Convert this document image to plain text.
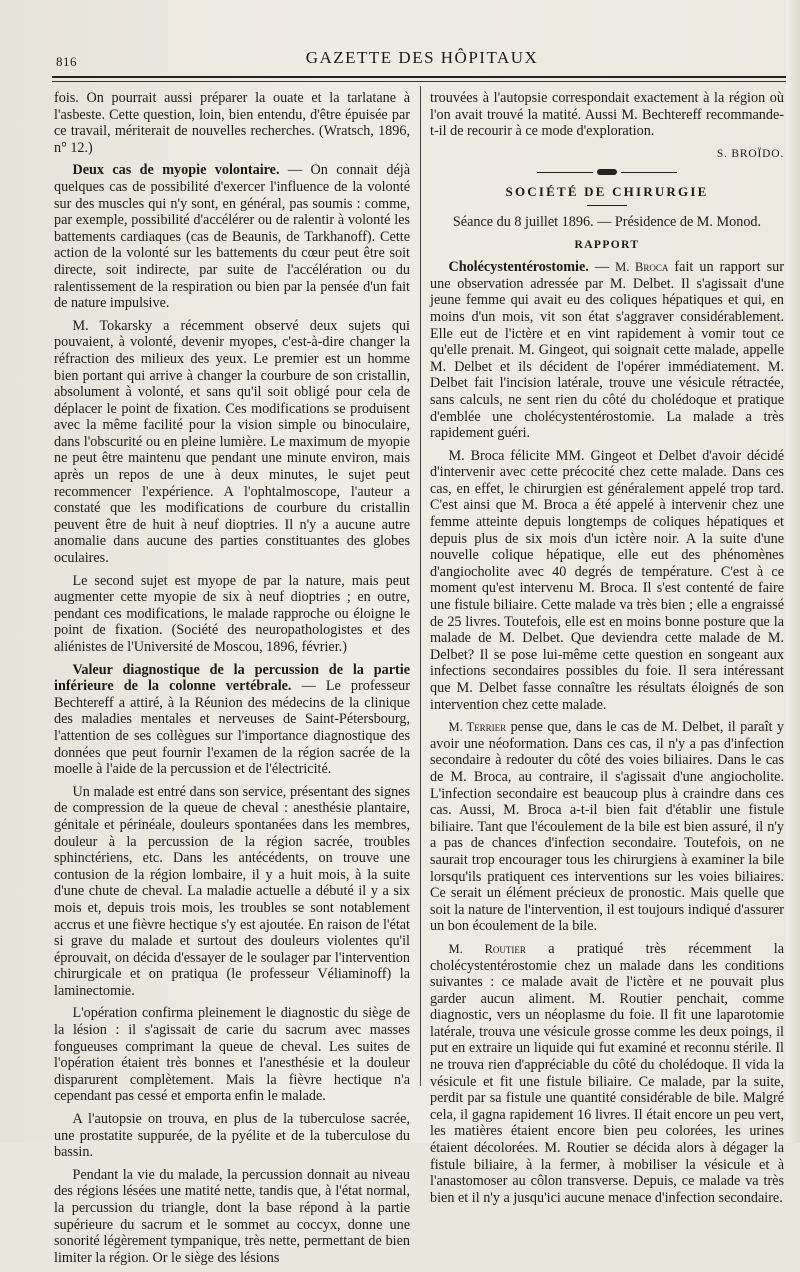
816	GAZETTE DES HÔPITAUX

fois. On pourrait aussi préparer la ouate et la tarlatane à l'asbeste. Cette question, loin, bien entendu, d'être épuisée par ce travail, mériterait de nouvelles recherches. (Wratsch, 1896, n° 12.)

Deux cas de myopie volontaire. — On connait déjà quelques cas de possibilité d'exercer l'influence de la volonté sur des muscles qui n'y sont, en général, pas soumis : comme, par exemple, possibilité d'accélérer ou de ralentir à volonté les battements cardiaques (cas de Beaunis, de Tarkhanoff). Cette action de la volonté sur les battements du cœur peut être soit directe, soit indirecte, par suite de l'accélération ou du ralentissement de la respiration ou bien par la pensée d'un fait de nature impulsive.

M. Tokarsky a récemment observé deux sujets qui pouvaient, à volonté, devenir myopes, c'est-à-dire changer la réfraction des milieux des yeux. Le premier est un homme bien portant qui arrive à changer la courbure de son cristallin, absolument à volonté, et sans qu'il soit obligé pour cela de déplacer le point de fixation. Ces modifications se produisent avec la même facilité pour la vision simple ou binoculaire, dans l'obscurité ou en pleine lumière. Le maximum de myopie ne peut être maintenu que pendant une minute environ, mais après un repos de une à deux minutes, le sujet peut recommencer l'expérience. A l'ophtalmoscope, l'auteur a constaté que les modifications de courbure du cristallin peuvent être de huit à neuf dioptries. Il n'y a aucune autre anomalie dans aucune des parties constituantes des globes oculaires.

Le second sujet est myope de par la nature, mais peut augmenter cette myopie de six à neuf dioptries ; en outre, pendant ces modifications, le malade rapproche ou éloigne le point de fixation. (Société des neuropathologistes et des aliénistes de l'Université de Moscou, 1896, février.)

Valeur diagnostique de la percussion de la partie inférieure de la colonne vertébrale. — Le professeur Bechtereff a attiré, à la Réunion des médecins de la clinique des maladies mentales et nerveuses de Saint-Pétersbourg, l'attention de ses collègues sur l'importance diagnostique des données que peut fournir l'examen de la région sacrée de la moelle à l'aide de la percussion et de l'électricité.

Un malade est entré dans son service, présentant des signes de compression de la queue de cheval : anesthésie plantaire, génitale et périnéale, douleurs spontanées dans les membres, douleur à la percussion de la région sacrée, troubles sphinctériens, etc. Dans les antécédents, on trouve une contusion de la région lombaire, il y a huit mois, à la suite d'une chute de cheval. La maladie actuelle a débuté il y a six mois et, depuis trois mois, les troubles se sont notablement accrus et une fièvre hectique s'y est ajoutée. En raison de l'état si grave du malade et surtout des douleurs violentes qu'il éprouvait, on décida d'essayer de le soulager par l'intervention chirurgicale et on pratiqua (le professeur Véliaminoff) la laminectomie.

L'opération confirma pleinement le diagnostic du siège de la lésion : il s'agissait de carie du sacrum avec masses fongueuses comprimant la queue de cheval. Les suites de l'opération étaient très bonnes et l'anesthésie et la douleur disparurent complètement. Mais la fièvre hectique n'a cependant pas cessé et emporta enfin le malade.

A l'autopsie on trouva, en plus de la tuberculose sacrée, une prostatite suppurée, de la pyélite et de la tuberculose du bassin.

Pendant la vie du malade, la percussion donnait au niveau des régions lésées une matité nette, tandis que, à l'état normal, la percussion du triangle, dont la base répond à la partie supérieure du sacrum et le sommet au coccyx, donne une sonorité légèrement tympanique, très nette, permettant de bien limiter la région. Or le siège des lésions

trouvées à l'autopsie correspondait exactement à la région où l'on avait trouvé la matité. Aussi M. Bechtereff recommande-t-il de recourir à ce mode d'exploration.

S. BROÏDO.
SOCIÉTÉ DE CHIRURGIE
Séance du 8 juillet 1896. — Présidence de M. Monod.
RAPPORT

Cholécystentérostomie. — M. Broca fait un rapport sur une observation adressée par M. Delbet. Il s'agissait d'une jeune femme qui avait eu des coliques hépatiques et qui, en moins d'un mois, vit son état s'aggraver considérablement. Elle eut de l'ictère et en vint rapidement à vomir tout ce qu'elle prenait. M. Gingeot, qui soignait cette malade, appelle M. Delbet et ils décident de l'opérer immédiatement. M. Delbet fait l'incision latérale, trouve une vésicule rétractée, sans calculs, ne sent rien du côté du cholédoque et pratique d'emblée une cholécystentérostomie. La malade a très rapidement guéri.

M. Broca félicite MM. Gingeot et Delbet d'avoir décidé d'intervenir avec cette précocité chez cette malade. Dans ces cas, en effet, le chirurgien est généralement appelé trop tard. C'est ainsi que M. Broca a été appelé à intervenir chez une femme atteinte depuis longtemps de coliques hépatiques et depuis plus de six mois d'un ictère noir. A la suite d'une nouvelle colique hépatique, elle eut des phénomènes d'angiocholite avec 40 degrés de température. C'est à ce moment qu'est intervenu M. Broca. Il s'est contenté de faire une fistule biliaire. Cette malade va très bien ; elle a engraissé de 25 livres. Toutefois, elle est en moins bonne posture que la malade de M. Delbet. Que deviendra cette malade de M. Delbet? Il se pose lui-même cette question en songeant aux infections secondaires possibles du foie. Il sera intéressant que M. Delbet fasse connaître les résultats éloignés de son intervention chez cette malade.

M. Terrier pense que, dans le cas de M. Delbet, il paraît y avoir une néoformation. Dans ces cas, il n'y a pas d'infection secondaire à redouter du côté des voies biliaires. Dans le cas de M. Broca, au contraire, il s'agissait d'une angiocholite. L'infection secondaire est beaucoup plus à craindre dans ces cas. Aussi, M. Broca a-t-il bien fait d'établir une fistule biliaire. Tant que l'écoulement de la bile est bien assuré, il n'y a pas de chances d'infection secondaire. Toutefois, on ne saurait trop encourager tous les chirurgiens à examiner la bile lorsqu'ils pratiquent ces interventions sur les voies biliaires. Ce serait un élément précieux de pronostic. Mais quelle que soit la nature de l'intervention, il est toujours indiqué d'assurer un bon écoulement de la bile.

M. Routier a pratiqué très récemment la cholécystentérostomie chez un malade dans les conditions suivantes : ce malade avait de l'ictère et ne pouvait plus garder aucun aliment. M. Routier penchait, comme diagnostic, vers un néoplasme du foie. Il fit une laparotomie latérale, trouva une vésicule grosse comme les deux poings, il put en extraire un liquide qui fut examiné et reconnu stérile. Il ne trouva rien d'appréciable du côté du cholédoque. Il vida la vésicule et fit une fistule biliaire. Ce malade, par la suite, perdit par sa fistule une quantité considérable de bile. Malgré cela, il gagna rapidement 16 livres. Il était encore un peu vert, les matières étaient encore bien peu colorées, les urines étaient décolorées. M. Routier se décida alors à dégager la fistule biliaire, à la fermer, à mobiliser la vésicule et à l'anastomoser au côlon transverse. Depuis, ce malade va très bien et il n'y a jusqu'ici aucune menace d'infection secondaire.
